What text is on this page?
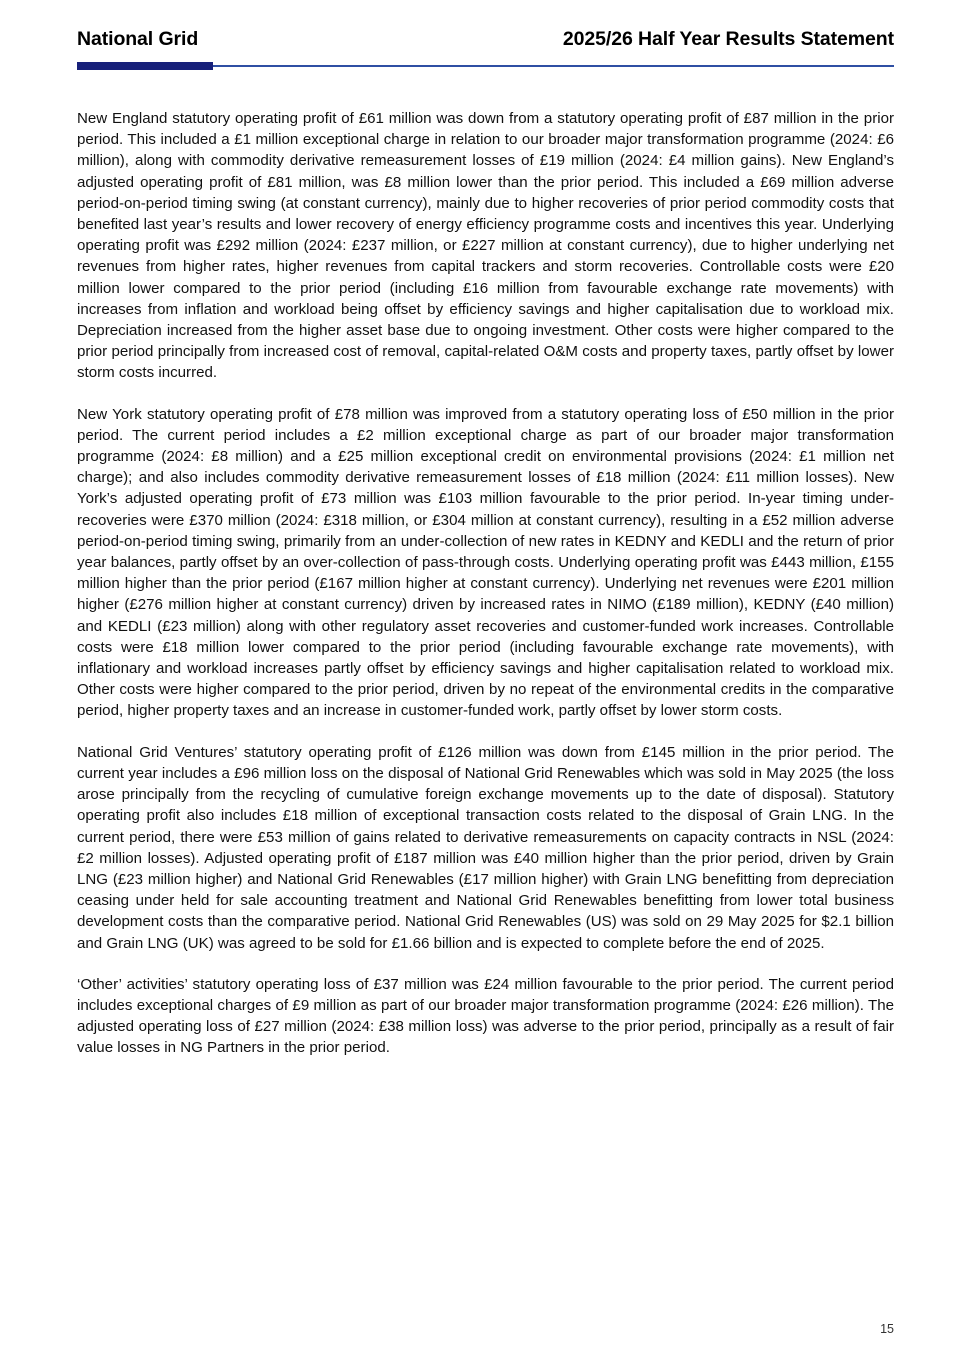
National Grid	2025/26 Half Year Results Statement

New England statutory operating profit of £61 million was down from a statutory operating profit of £87 million in the prior period. This included a £1 million exceptional charge in relation to our broader major transformation programme (2024: £6 million), along with commodity derivative remeasurement losses of £19 million (2024: £4 million gains). New England’s adjusted operating profit of £81 million, was £8 million lower than the prior period. This included a £69 million adverse period-on-period timing swing (at constant currency), mainly due to higher recoveries of prior period commodity costs that benefited last year’s results and lower recovery of energy efficiency programme costs and incentives this year. Underlying operating profit was £292 million (2024: £237 million, or £227 million at constant currency), due to higher underlying net revenues from higher rates, higher revenues from capital trackers and storm recoveries. Controllable costs were £20 million lower compared to the prior period (including £16 million from favourable exchange rate movements) with increases from inflation and workload being offset by efficiency savings and higher capitalisation due to workload mix. Depreciation increased from the higher asset base due to ongoing investment. Other costs were higher compared to the prior period principally from increased cost of removal, capital-related O&M costs and property taxes, partly offset by lower storm costs incurred.

New York statutory operating profit of £78 million was improved from a statutory operating loss of £50 million in the prior period. The current period includes a £2 million exceptional charge as part of our broader major transformation programme (2024: £8 million) and a £25 million exceptional credit on environmental provisions (2024: £1 million net charge); and also includes commodity derivative remeasurement losses of £18 million (2024: £11 million losses). New York’s adjusted operating profit of £73 million was £103 million favourable to the prior period. In-year timing under-recoveries were £370 million (2024: £318 million, or £304 million at constant currency), resulting in a £52 million adverse period-on-period timing swing, primarily from an under-collection of new rates in KEDNY and KEDLI and the return of prior year balances, partly offset by an over-collection of pass-through costs. Underlying operating profit was £443 million, £155 million higher than the prior period (£167 million higher at constant currency). Underlying net revenues were £201 million higher (£276 million higher at constant currency) driven by increased rates in NIMO (£189 million), KEDNY (£40 million) and KEDLI (£23 million) along with other regulatory asset recoveries and customer-funded work increases. Controllable costs were £18 million lower compared to the prior period (including favourable exchange rate movements), with inflationary and workload increases partly offset by efficiency savings and higher capitalisation related to workload mix. Other costs were higher compared to the prior period, driven by no repeat of the environmental credits in the comparative period, higher property taxes and an increase in customer-funded work, partly offset by lower storm costs.

National Grid Ventures’ statutory operating profit of £126 million was down from £145 million in the prior period. The current year includes a £96 million loss on the disposal of National Grid Renewables which was sold in May 2025 (the loss arose principally from the recycling of cumulative foreign exchange movements up to the date of disposal). Statutory operating profit also includes £18 million of exceptional transaction costs related to the disposal of Grain LNG. In the current period, there were £53 million of gains related to derivative remeasurements on capacity contracts in NSL (2024: £2 million losses). Adjusted operating profit of £187 million was £40 million higher than the prior period, driven by Grain LNG (£23 million higher) and National Grid Renewables (£17 million higher) with Grain LNG benefitting from depreciation ceasing under held for sale accounting treatment and National Grid Renewables benefitting from lower total business development costs than the comparative period. National Grid Renewables (US) was sold on 29 May 2025 for $2.1 billion and Grain LNG (UK) was agreed to be sold for £1.66 billion and is expected to complete before the end of 2025.

‘Other’ activities’ statutory operating loss of £37 million was £24 million favourable to the prior period. The current period includes exceptional charges of £9 million as part of our broader major transformation programme (2024: £26 million). The adjusted operating loss of £27 million (2024: £38 million loss) was adverse to the prior period, principally as a result of fair value losses in NG Partners in the prior period.

15
